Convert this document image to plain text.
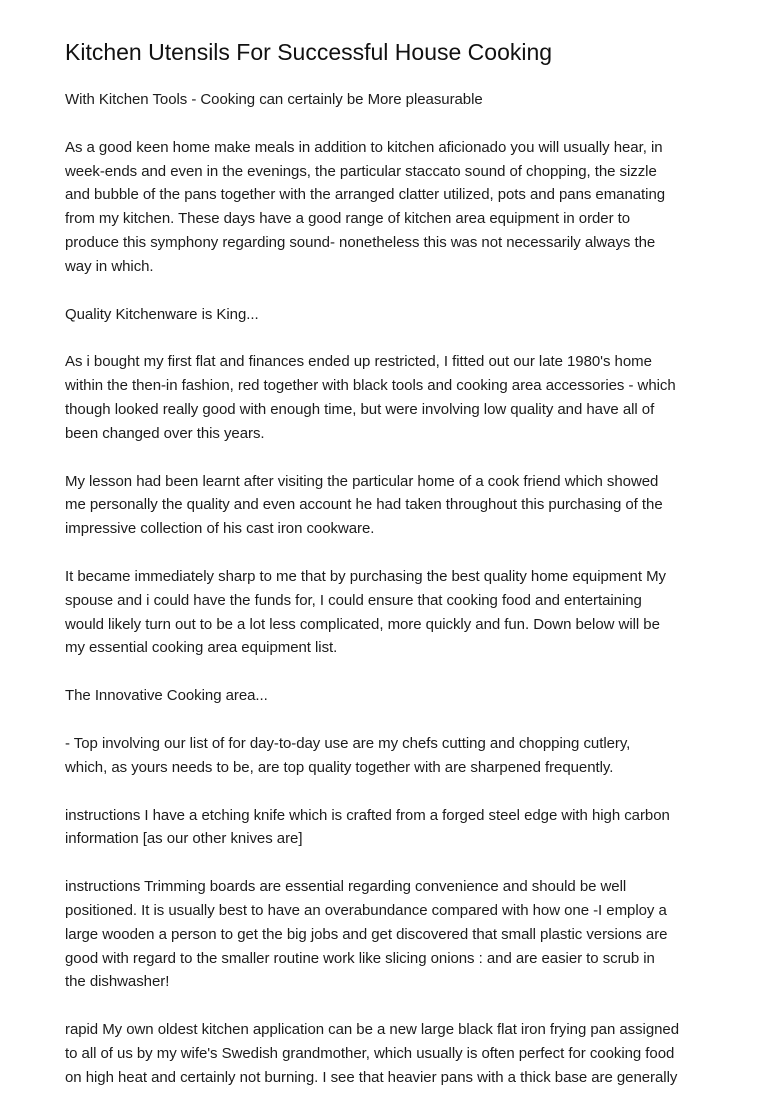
Kitchen Utensils For Successful House Cooking

With Kitchen Tools - Cooking can certainly be More pleasurable

As a good keen home make meals in addition to kitchen aficionado you will usually hear, in
week-ends and even in the evenings, the particular staccato sound of chopping, the sizzle
and bubble of the pans together with the arranged clatter utilized, pots and pans emanating
from my kitchen. These days have a good range of kitchen area equipment in order to
produce this symphony regarding sound- nonetheless this was not necessarily always the
way in which.

Quality Kitchenware is King...

As i bought my first flat and finances ended up restricted, I fitted out our late 1980's home
within the then-in fashion, red together with black tools and cooking area accessories - which
though looked really good with enough time, but were involving low quality and have all of
been changed over this years.

My lesson had been learnt after visiting the particular home of a cook friend which showed
me personally the quality and even account he had taken throughout this purchasing of the
impressive collection of his cast iron cookware.

It became immediately sharp to me that by purchasing the best quality home equipment My
spouse and i could have the funds for, I could ensure that cooking food and entertaining
would likely turn out to be a lot less complicated, more quickly and fun. Down below will be
my essential cooking area equipment list.

The Innovative Cooking area...

- Top involving our list of for day-to-day use are my chefs cutting and chopping cutlery,
which, as yours needs to be, are top quality together with are sharpened frequently.

instructions I have a etching knife which is crafted from a forged steel edge with high carbon
information [as our other knives are]

instructions Trimming boards are essential regarding convenience and should be well
positioned. It is usually best to have an overabundance compared with how one -I employ a
large wooden a person to get the big jobs and get discovered that small plastic versions are
good with regard to the smaller routine work like slicing onions : and are easier to scrub in
the dishwasher!

rapid My own oldest kitchen application can be a new large black flat iron frying pan assigned
to all of us by my wife's Swedish grandmother, which usually is often perfect for cooking food
on high heat and certainly not burning. I see that heavier pans with a thick base are generally
